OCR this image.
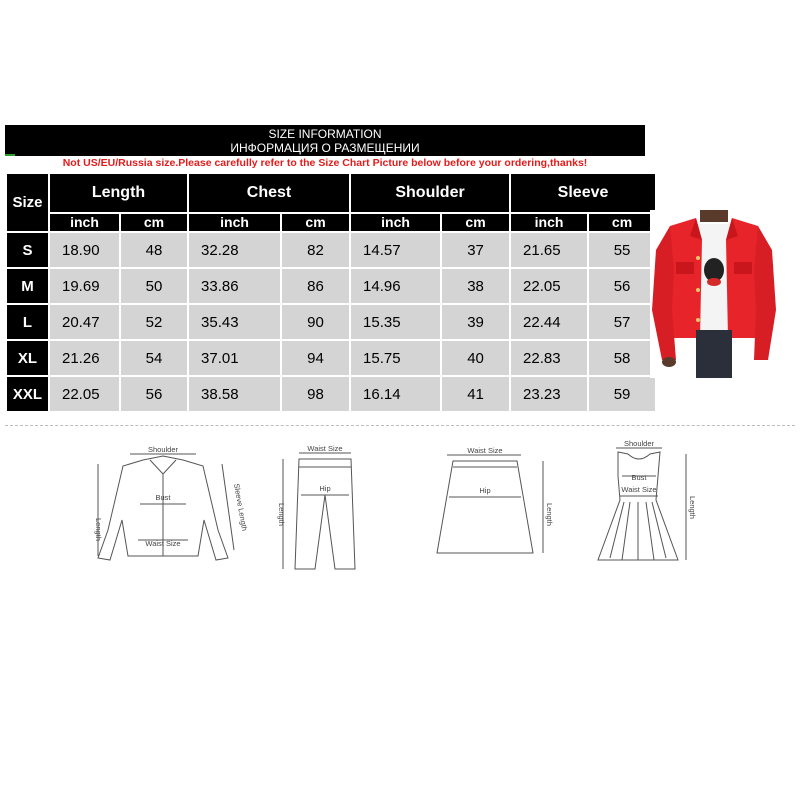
SIZE INFORMATION
ИНФОРМАЦИЯ О РАЗМЕЩЕНИИ
Not US/EU/Russia size.Please carefully refer to the Size Chart Picture below before your ordering,thanks!
Size	Length		Chest		Shoulder		Sleeve	
	inch	cm	inch	cm	inch	cm	inch	cm
S	18.90	48	32.28	82	14.57	37	21.65	55
M	19.69	50	33.86	86	14.96	38	22.05	56
L	20.47	52	35.43	90	15.35	39	22.44	57
XL	21.26	54	37.01	94	15.75	40	22.83	58
XXL	22.05	56	38.58	98	16.14	41	23.23	59
Shoulder
Bust
Waist Size
Length	Sleeve Length
Waist Size
Hip
Length
Waist Size
Hip
Length
Shoulder
Bust
Waist Size
Length
